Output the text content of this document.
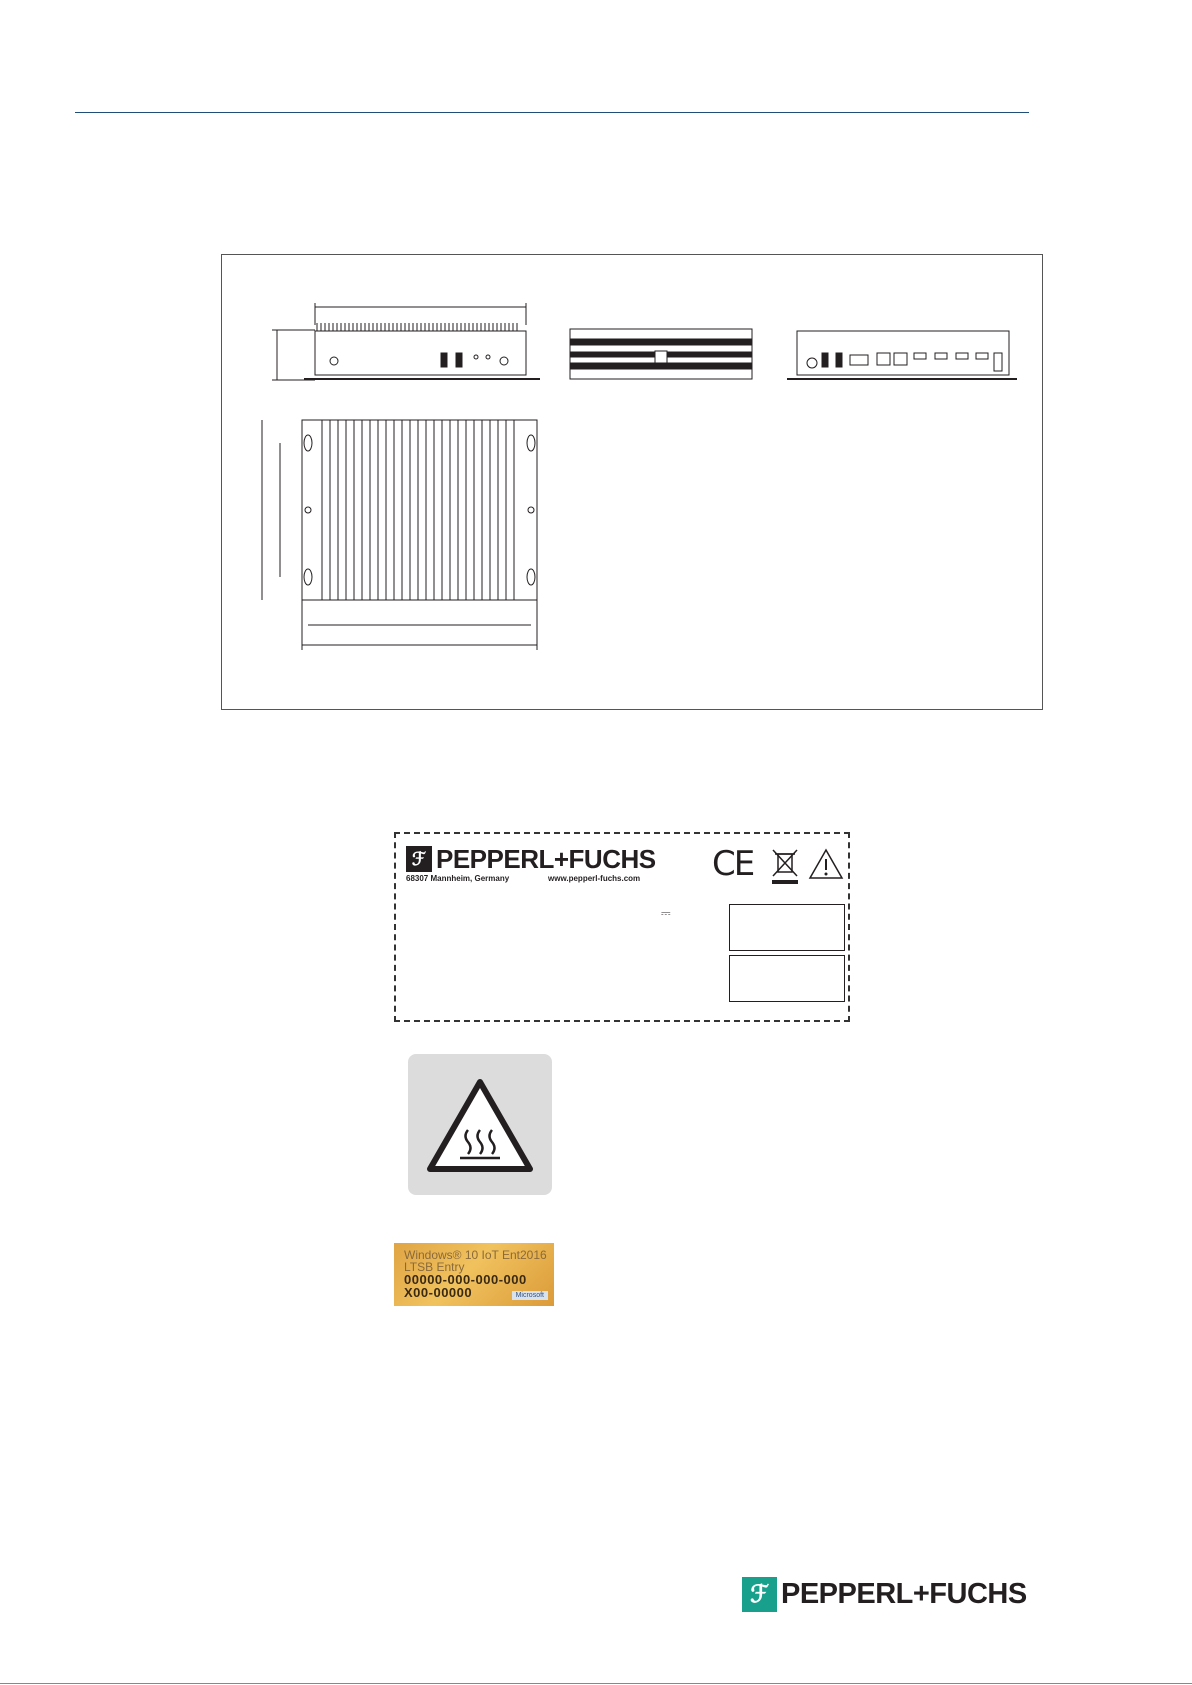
ℱ PEPPERL+FUCHS
68307 Mannheim, Germany	www.pepperl-fuchs.com CE
⎓
Windows® 10 IoT Ent2016
LTSB Entry
00000-000-000-000
X00-00000	Microsoft
ℱ PEPPERL+FUCHS
